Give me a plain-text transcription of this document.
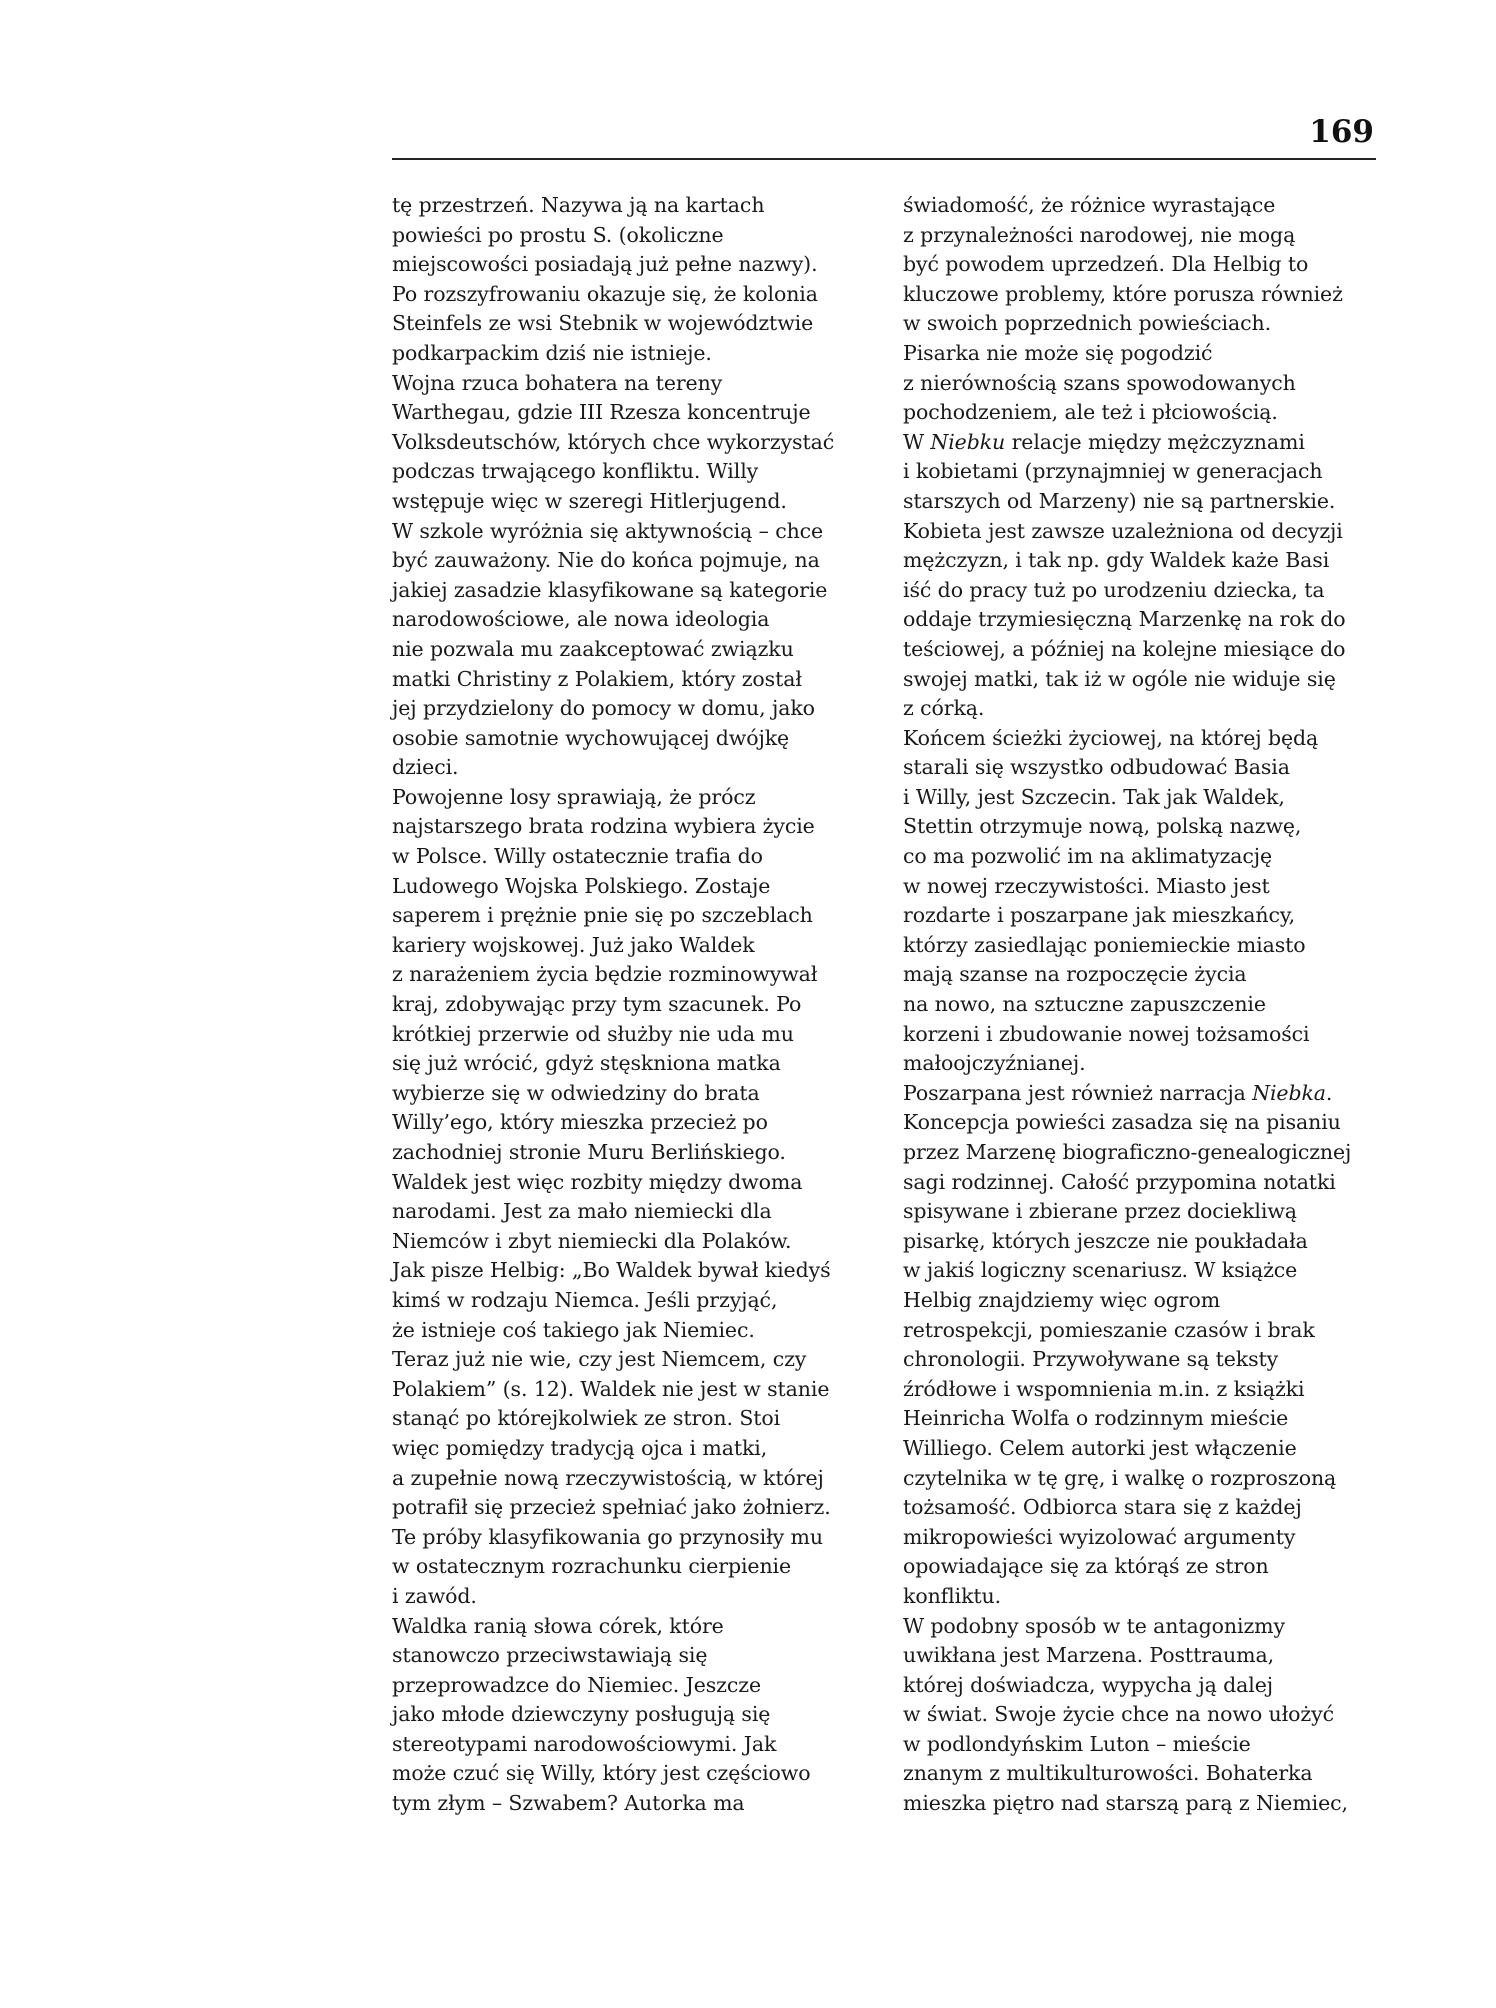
169
tę przestrzeń. Nazywa ją na kartach
powieści po prostu S. (okoliczne
miejscowości posiadają już pełne nazwy).
Po rozszyfrowaniu okazuje się, że kolonia
Steinfels ze wsi Stebnik w województwie
podkarpackim dziś nie istnieje.
Wojna rzuca bohatera na tereny
Warthegau, gdzie III Rzesza koncentruje
Volksdeutschów, których chce wykorzystać
podczas trwającego konfliktu. Willy
wstępuje więc w szeregi Hitlerjugend.
W szkole wyróżnia się aktywnością – chce
być zauważony. Nie do końca pojmuje, na
jakiej zasadzie klasyfikowane są kategorie
narodowościowe, ale nowa ideologia
nie pozwala mu zaakceptować związku
matki Christiny z Polakiem, który został
jej przydzielony do pomocy w domu, jako
osobie samotnie wychowującej dwójkę
dzieci.
Powojenne losy sprawiają, że prócz
najstarszego brata rodzina wybiera życie
w Polsce. Willy ostatecznie trafia do
Ludowego Wojska Polskiego. Zostaje
saperem i prężnie pnie się po szczeblach
kariery wojskowej. Już jako Waldek
z narażeniem życia będzie rozminowywał
kraj, zdobywając przy tym szacunek. Po
krótkiej przerwie od służby nie uda mu
się już wrócić, gdyż stęskniona matka
wybierze się w odwiedziny do brata
Willy’ego, który mieszka przecież po
zachodniej stronie Muru Berlińskiego.
Waldek jest więc rozbity między dwoma
narodami. Jest za mało niemiecki dla
Niemców i zbyt niemiecki dla Polaków.
Jak pisze Helbig: „Bo Waldek bywał kiedyś
kimś w rodzaju Niemca. Jeśli przyjąć,
że istnieje coś takiego jak Niemiec.
Teraz już nie wie, czy jest Niemcem, czy
Polakiem” (s. 12). Waldek nie jest w stanie
stanąć po którejkolwiek ze stron. Stoi
więc pomiędzy tradycją ojca i matki,
a zupełnie nową rzeczywistością, w której
potrafił się przecież spełniać jako żołnierz.
Te próby klasyfikowania go przynosiły mu
w ostatecznym rozrachunku cierpienie
i zawód.
Waldka ranią słowa córek, które
stanowczo przeciwstawiają się
przeprowadzce do Niemiec. Jeszcze
jako młode dziewczyny posługują się
stereotypami narodowościowymi. Jak
może czuć się Willy, który jest częściowo
tym złym – Szwabem? Autorka ma
świadomość, że różnice wyrastające
z przynależności narodowej, nie mogą
być powodem uprzedzeń. Dla Helbig to
kluczowe problemy, które porusza również
w swoich poprzednich powieściach.
Pisarka nie może się pogodzić
z nierównością szans spowodowanych
pochodzeniem, ale też i płciowością.
W Niebku relacje między mężczyznami
i kobietami (przynajmniej w generacjach
starszych od Marzeny) nie są partnerskie.
Kobieta jest zawsze uzależniona od decyzji
mężczyzn, i tak np. gdy Waldek każe Basi
iść do pracy tuż po urodzeniu dziecka, ta
oddaje trzymiesięczną Marzenkę na rok do
teściowej, a później na kolejne miesiące do
swojej matki, tak iż w ogóle nie widuje się
z córką.
Końcem ścieżki życiowej, na której będą
starali się wszystko odbudować Basia
i Willy, jest Szczecin. Tak jak Waldek,
Stettin otrzymuje nową, polską nazwę,
co ma pozwolić im na aklimatyzację
w nowej rzeczywistości. Miasto jest
rozdarte i poszarpane jak mieszkańcy,
którzy zasiedlając poniemieckie miasto
mają szanse na rozpoczęcie życia
na nowo, na sztuczne zapuszczenie
korzeni i zbudowanie nowej tożsamości
małoojczyźnianej.
Poszarpana jest również narracja Niebka.
Koncepcja powieści zasadza się na pisaniu
przez Marzenę biograficzno-genealogicznej
sagi rodzinnej. Całość przypomina notatki
spisywane i zbierane przez dociekliwą
pisarkę, których jeszcze nie poukładała
w jakiś logiczny scenariusz. W książce
Helbig znajdziemy więc ogrom
retrospekcji, pomieszanie czasów i brak
chronologii. Przywoływane są teksty
źródłowe i wspomnienia m.in. z książki
Heinricha Wolfa o rodzinnym mieście
Williego. Celem autorki jest włączenie
czytelnika w tę grę, i walkę o rozproszoną
tożsamość. Odbiorca stara się z każdej
mikropowieści wyizolować argumenty
opowiadające się za którąś ze stron
konfliktu.
W podobny sposób w te antagonizmy
uwikłana jest Marzena. Posttrauma,
której doświadcza, wypycha ją dalej
w świat. Swoje życie chce na nowo ułożyć
w podlondyńskim Luton – mieście
znanym z multikulturowości. Bohaterka
mieszka piętro nad starszą parą z Niemiec,
